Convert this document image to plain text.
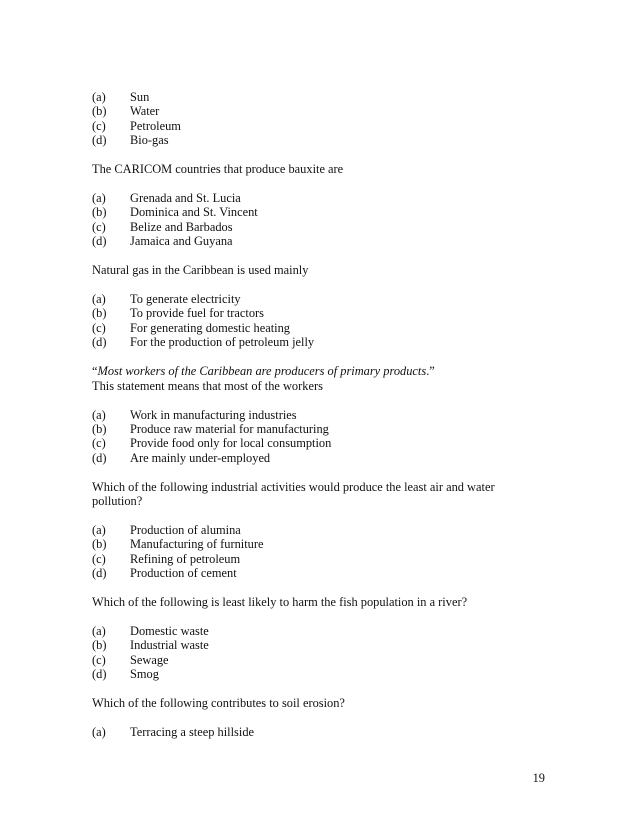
(a)	Sun
(b)	Water
(c)	Petroleum
(d)	Bio-gas

The CARICOM countries that produce bauxite are

(a)	Grenada and St. Lucia
(b)	Dominica and St. Vincent
(c)	Belize and Barbados
(d)	Jamaica and Guyana

Natural gas in the Caribbean is used mainly

(a)	To generate electricity
(b)	To provide fuel for tractors
(c)	For generating domestic heating
(d)	For the production of petroleum jelly

“Most workers of the Caribbean are producers of primary products.”

This statement means that most of the workers

(a)	Work in manufacturing industries
(b)	Produce raw material for manufacturing
(c)	Provide food only for local consumption
(d)	Are mainly under-employed

Which of the following industrial activities would produce the least air and water

pollution?

(a)	Production of alumina
(b)	Manufacturing of furniture
(c)	Refining of petroleum
(d)	Production of cement

Which of the following is least likely to harm the fish population in a river?

(a)	Domestic waste
(b)	Industrial waste
(c)	Sewage
(d)	Smog

Which of the following contributes to soil erosion?

(a)	Terracing a steep hillside
19
